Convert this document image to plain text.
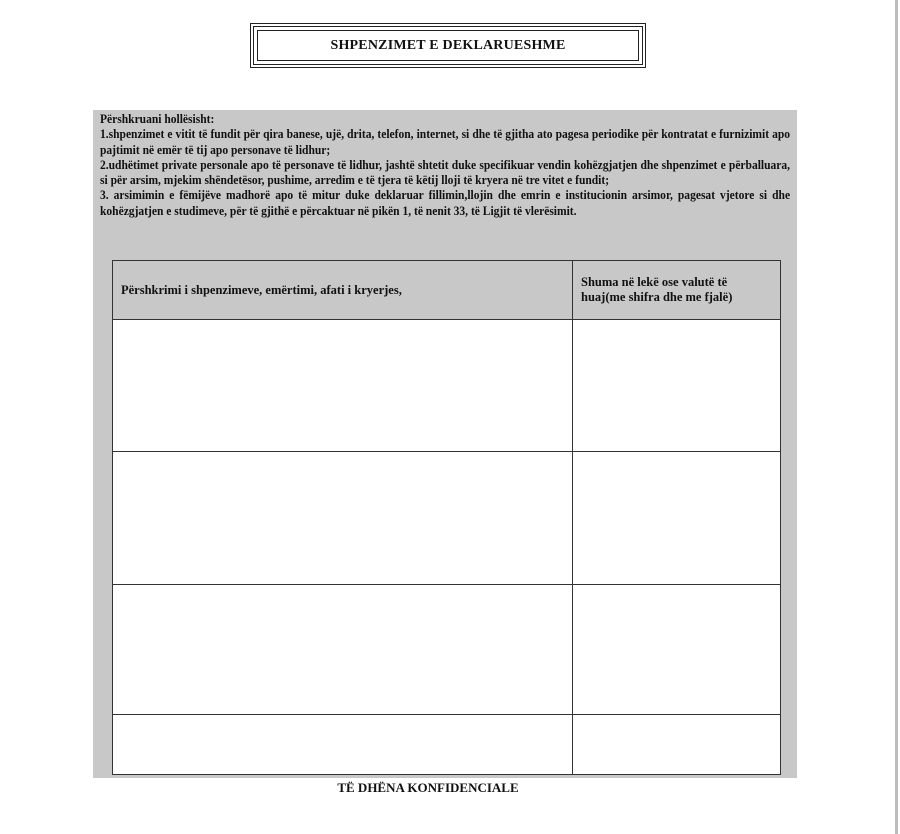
SHPENZIMET E DEKLARUESHME

Përshkruani hollësisht:

1.shpenzimet e vitit të fundit për qira banese, ujë, drita, telefon, internet, si dhe të gjitha ato pagesa periodike për kontratat e furnizimit apo pajtimit në emër të tij apo personave të lidhur;

2.udhëtimet private personale apo të personave të lidhur, jashtë shtetit duke specifikuar vendin kohëzgjatjen dhe shpenzimet e përballuara, si për arsim, mjekim shëndetësor, pushime, arredim e të tjera të këtij lloji të kryera në tre vitet e fundit;

3. arsimimin e fëmijëve madhorë apo të mitur duke deklaruar fillimin,llojin dhe emrin e institucionin arsimor, pagesat vjetore si dhe kohëzgjatjen e studimeve, për të gjithë e përcaktuar në pikën 1, të nenit 33, të Ligjit të vlerësimit.

Përshkrimi i shpenzimeve, emërtimi, afati i kryerjes,	Shuma në lekë ose valutë të huaj(me shifra dhe me fjalë)

TË DHËNA KONFIDENCIALE
